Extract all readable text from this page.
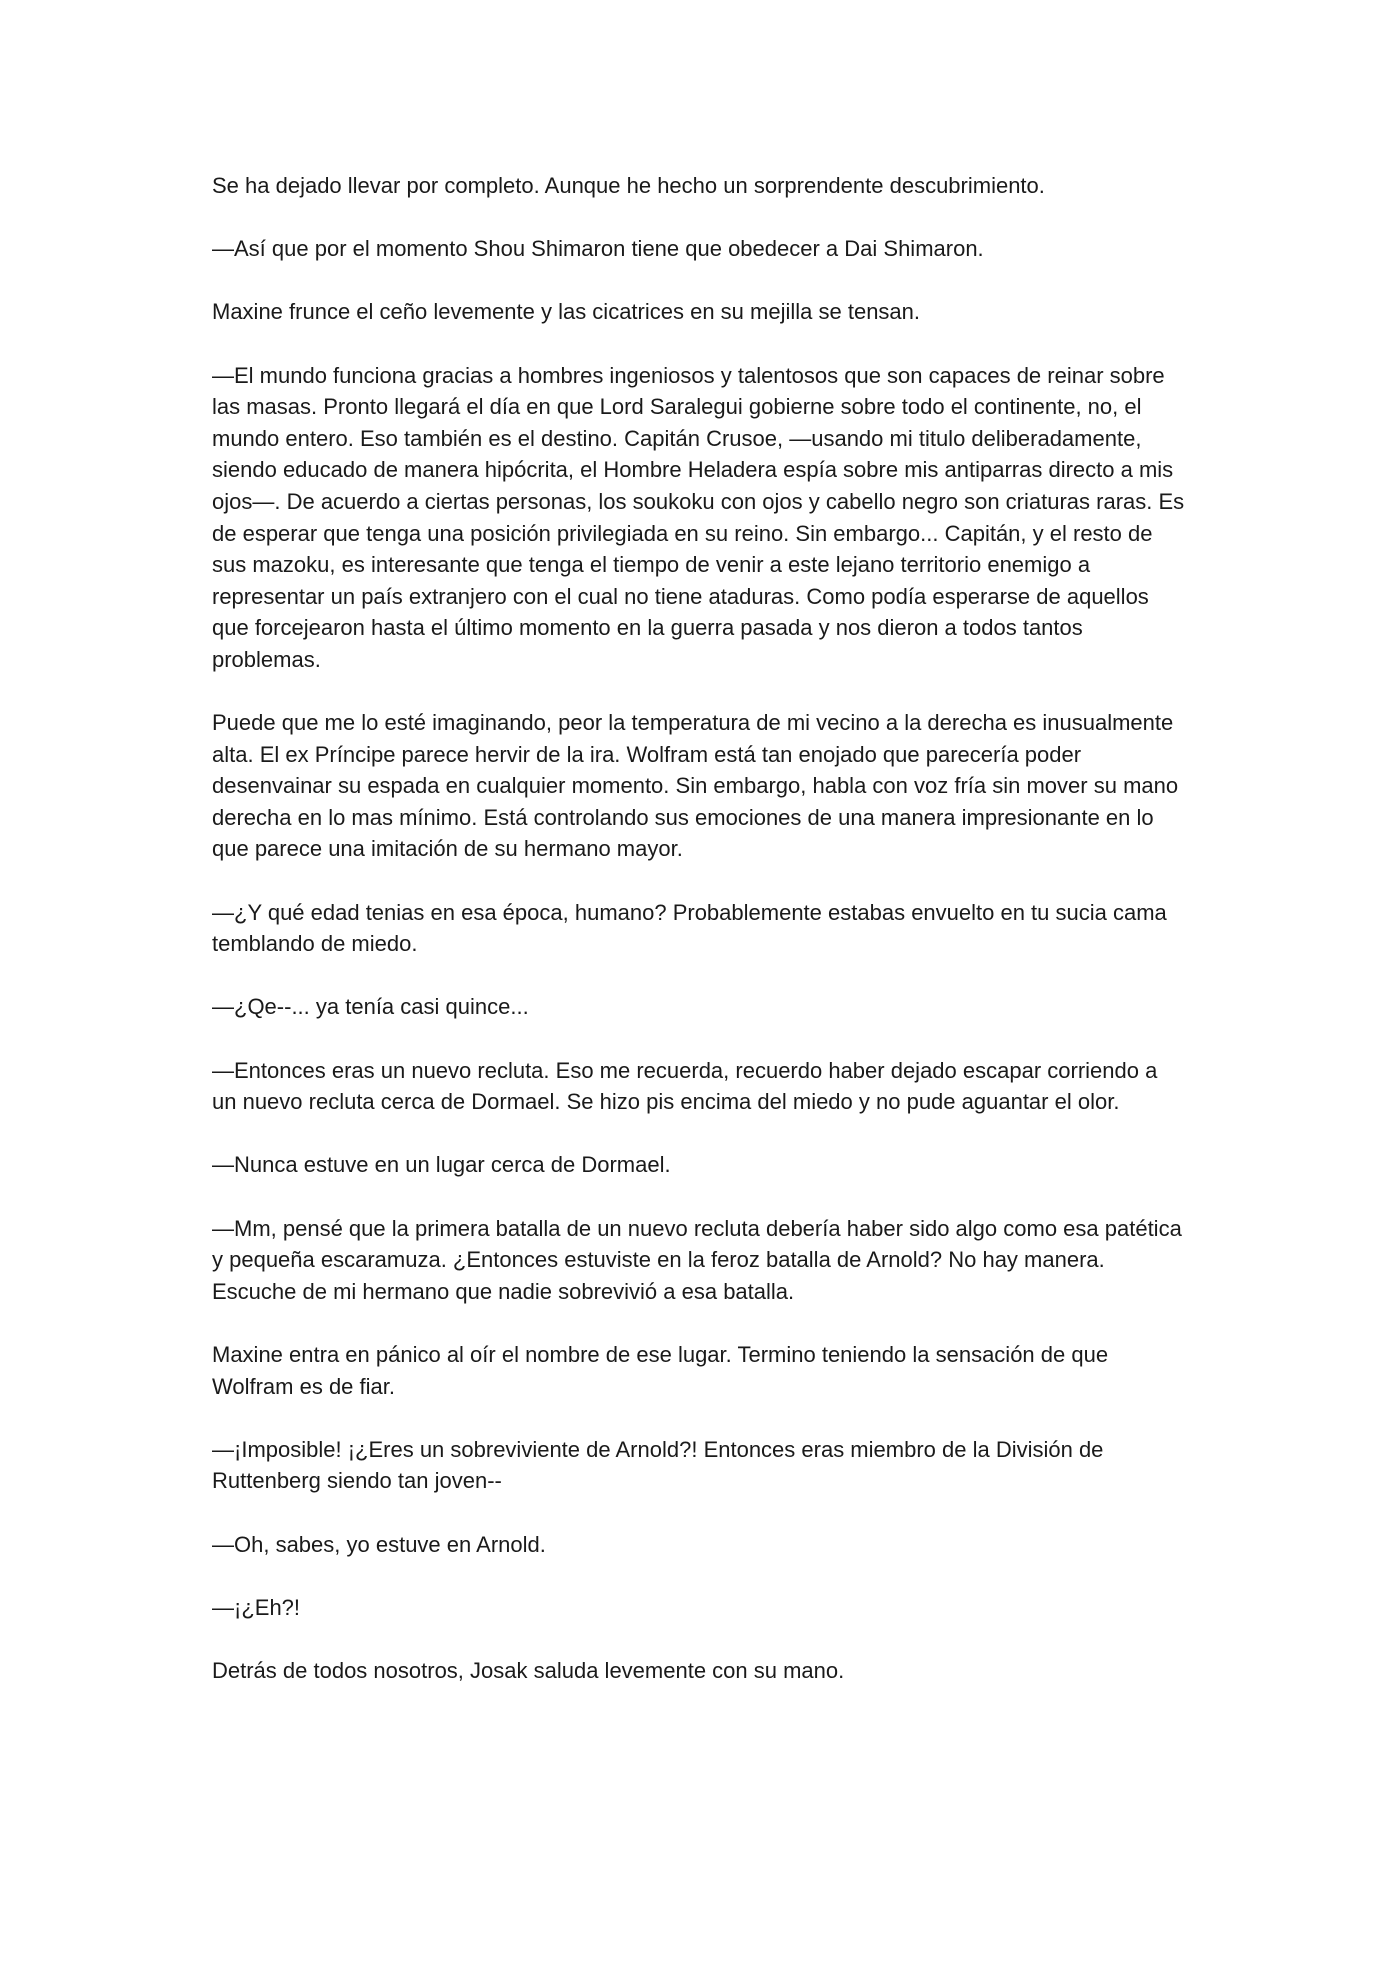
Se ha dejado llevar por completo. Aunque he hecho un sorprendente descubrimiento.

—Así que por el momento Shou Shimaron tiene que obedecer a Dai Shimaron.

Maxine frunce el ceño levemente y las cicatrices en su mejilla se tensan.

—El mundo funciona gracias a hombres ingeniosos y talentosos que son capaces de reinar sobre las masas. Pronto llegará el día en que Lord Saralegui gobierne sobre todo el continente, no, el mundo entero. Eso también es el destino. Capitán Crusoe, —usando mi titulo deliberadamente, siendo educado de manera hipócrita, el Hombre Heladera espía sobre mis antiparras directo a mis ojos—. De acuerdo a ciertas personas, los soukoku con ojos y cabello negro son criaturas raras. Es de esperar que tenga una posición privilegiada en su reino. Sin embargo... Capitán, y el resto de sus mazoku, es interesante que tenga el tiempo de venir a este lejano territorio enemigo a representar un país extranjero con el cual no tiene ataduras. Como podía esperarse de aquellos que forcejearon hasta el último momento en la guerra pasada y nos dieron a todos tantos problemas.

Puede que me lo esté imaginando, peor la temperatura de mi vecino a la derecha es inusualmente alta. El ex Príncipe parece hervir de la ira. Wolfram está tan enojado que parecería poder desenvainar su espada en cualquier momento. Sin embargo, habla con voz fría sin mover su mano derecha en lo mas mínimo. Está controlando sus emociones de una manera impresionante en lo que parece una imitación de su hermano mayor.

—¿Y qué edad tenias en esa época, humano? Probablemente estabas envuelto en tu sucia cama temblando de miedo.

—¿Qe--... ya tenía casi quince...

—Entonces eras un nuevo recluta. Eso me recuerda, recuerdo haber dejado escapar corriendo a un nuevo recluta cerca de Dormael. Se hizo pis encima del miedo y no pude aguantar el olor.

—Nunca estuve en un lugar cerca de Dormael.

—Mm, pensé que la primera batalla de un nuevo recluta debería haber sido algo como esa patética y pequeña escaramuza. ¿Entonces estuviste en la feroz batalla de Arnold? No hay manera. Escuche de mi hermano que nadie sobrevivió a esa batalla.

Maxine entra en pánico al oír el nombre de ese lugar. Termino teniendo la sensación de que Wolfram es de fiar.

—¡Imposible! ¡¿Eres un sobreviviente de Arnold?! Entonces eras miembro de la División de Ruttenberg siendo tan joven--

—Oh, sabes, yo estuve en Arnold.

—¡¿Eh?!

Detrás de todos nosotros, Josak saluda levemente con su mano.
